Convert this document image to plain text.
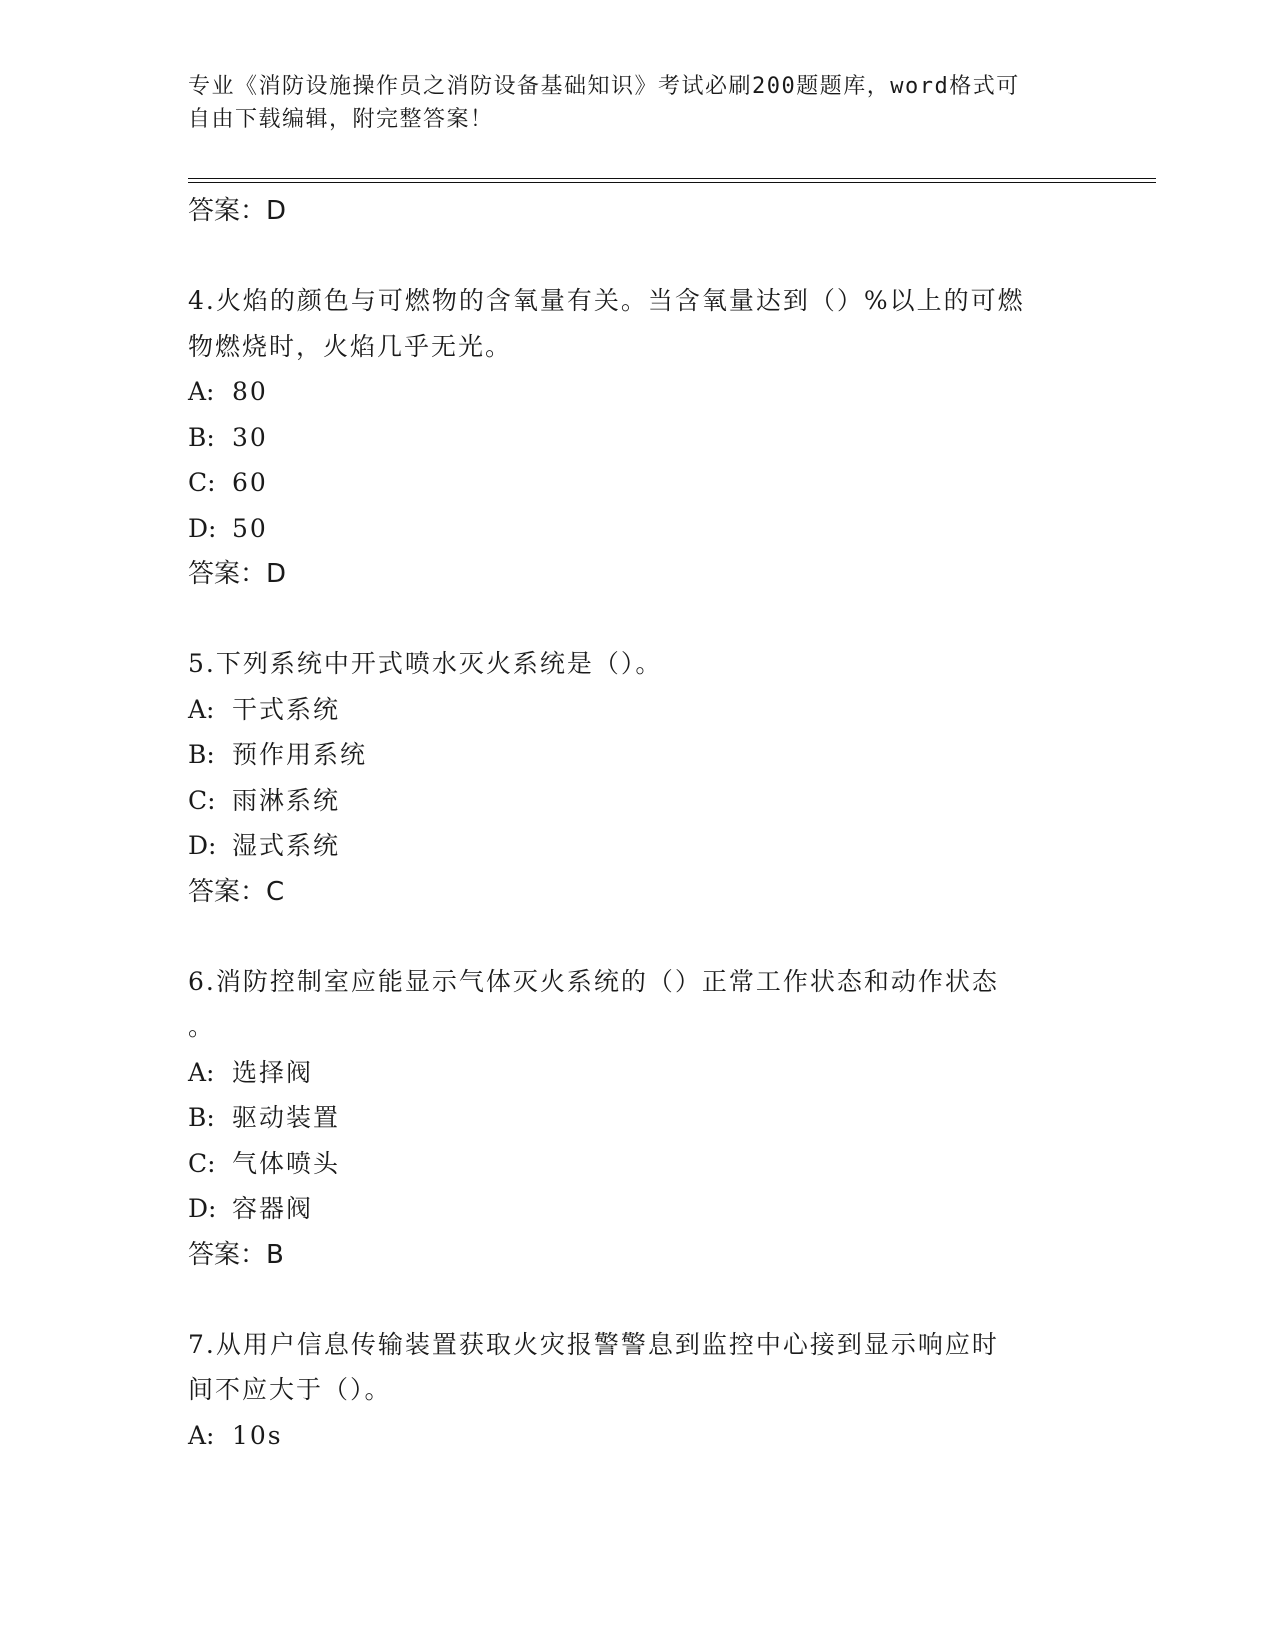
专业《消防设施操作员之消防设备基础知识》考试必刷200题题库，word格式可
自由下载编辑，附完整答案！
答案：D
4.火焰的颜色与可燃物的含氧量有关。当含氧量达到（）%以上的可燃
物燃烧时，火焰几乎无光。
A: 80
B: 30
C: 60
D: 50
答案：D
5.下列系统中开式喷水灭火系统是（）。
A: 干式系统
B: 预作用系统
C: 雨淋系统
D: 湿式系统
答案：C
6.消防控制室应能显示气体灭火系统的（）正常工作状态和动作状态
。
A: 选择阀
B: 驱动装置
C: 气体喷头
D: 容器阀
答案：B
7.从用户信息传输装置获取火灾报警警息到监控中心接到显示响应时
间不应大于（）。
A: 10s
